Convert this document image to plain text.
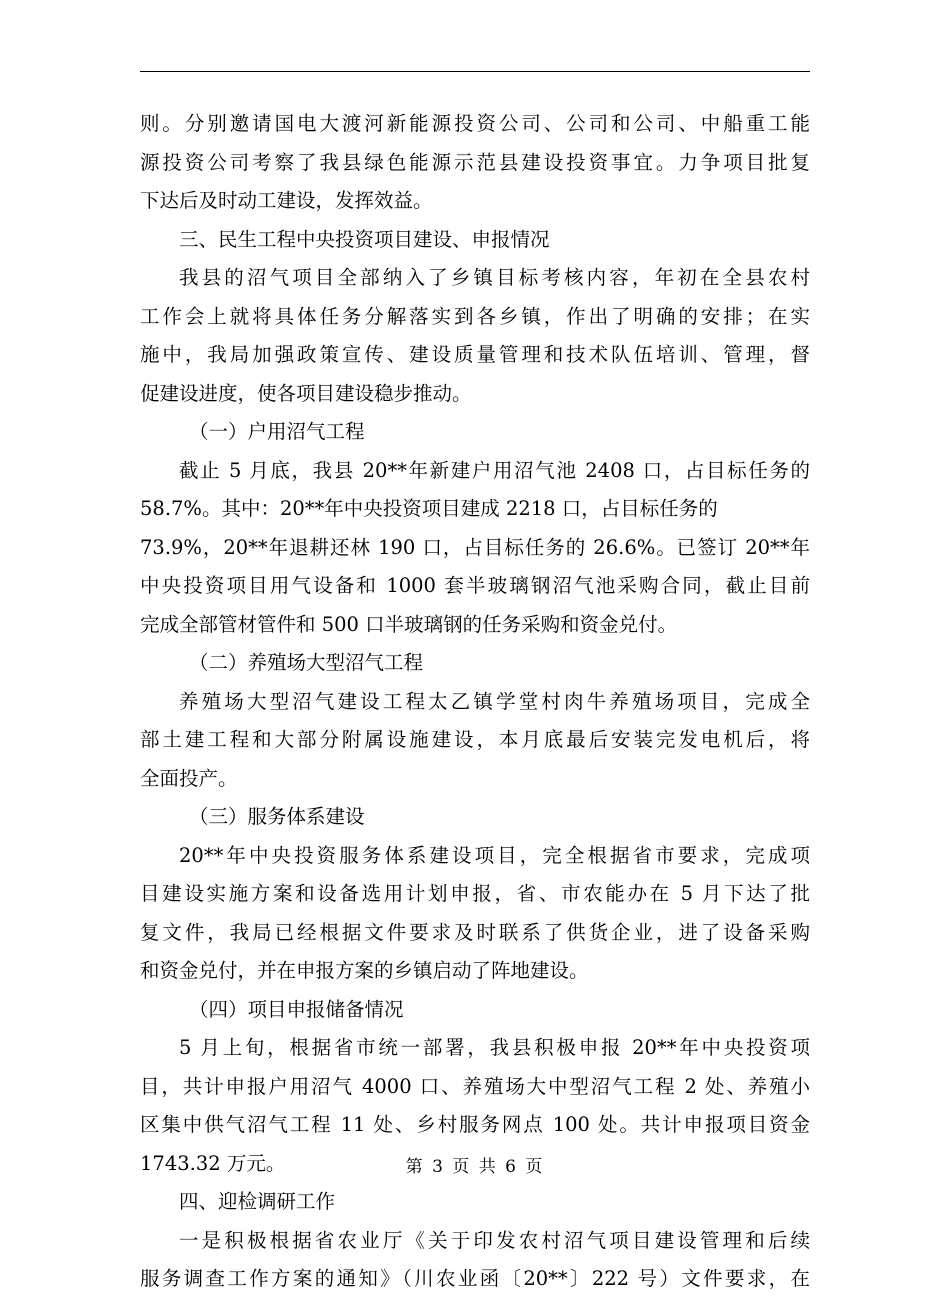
则。分别邀请国电大渡河新能源投资公司、公司和公司、中船重工能
源投资公司考察了我县绿色能源示范县建设投资事宜。力争项目批复
下达后及时动工建设，发挥效益。
三、民生工程中央投资项目建设、申报情况
我县的沼气项目全部纳入了乡镇目标考核内容，年初在全县农村
工作会上就将具体任务分解落实到各乡镇，作出了明确的安排；在实
施中，我局加强政策宣传、建设质量管理和技术队伍培训、管理，督
促建设进度，使各项目建设稳步推动。
（一）户用沼气工程
截止 5 月底，我县 20**年新建户用沼气池 2408 口，占目标任务的
58.7%。其中：20**年中央投资项目建成 2218 口，占目标任务的
73.9%，20**年退耕还林 190 口，占目标任务的 26.6%。已签订 20**年
中央投资项目用气设备和 1000 套半玻璃钢沼气池采购合同，截止目前
完成全部管材管件和 500 口半玻璃钢的任务采购和资金兑付。
（二）养殖场大型沼气工程
养殖场大型沼气建设工程太乙镇学堂村肉牛养殖场项目，完成全
部土建工程和大部分附属设施建设，本月底最后安装完发电机后，将
全面投产。
（三）服务体系建设
20**年中央投资服务体系建设项目，完全根据省市要求，完成项
目建设实施方案和设备选用计划申报，省、市农能办在 5 月下达了批
复文件，我局已经根据文件要求及时联系了供货企业，进了设备采购
和资金兑付，并在申报方案的乡镇启动了阵地建设。
（四）项目申报储备情况
5 月上旬，根据省市统一部署，我县积极申报 20**年中央投资项
目，共计申报户用沼气 4000 口、养殖场大中型沼气工程 2 处、养殖小
区集中供气沼气工程 11 处、乡村服务网点 100 处。共计申报项目资金
1743.32 万元。
四、迎检调研工作
一是积极根据省农业厅《关于印发农村沼气项目建设管理和后续
服务调查工作方案的通知》（川农业函〔20**〕222 号）文件要求，在
第 3 页 共 6 页
